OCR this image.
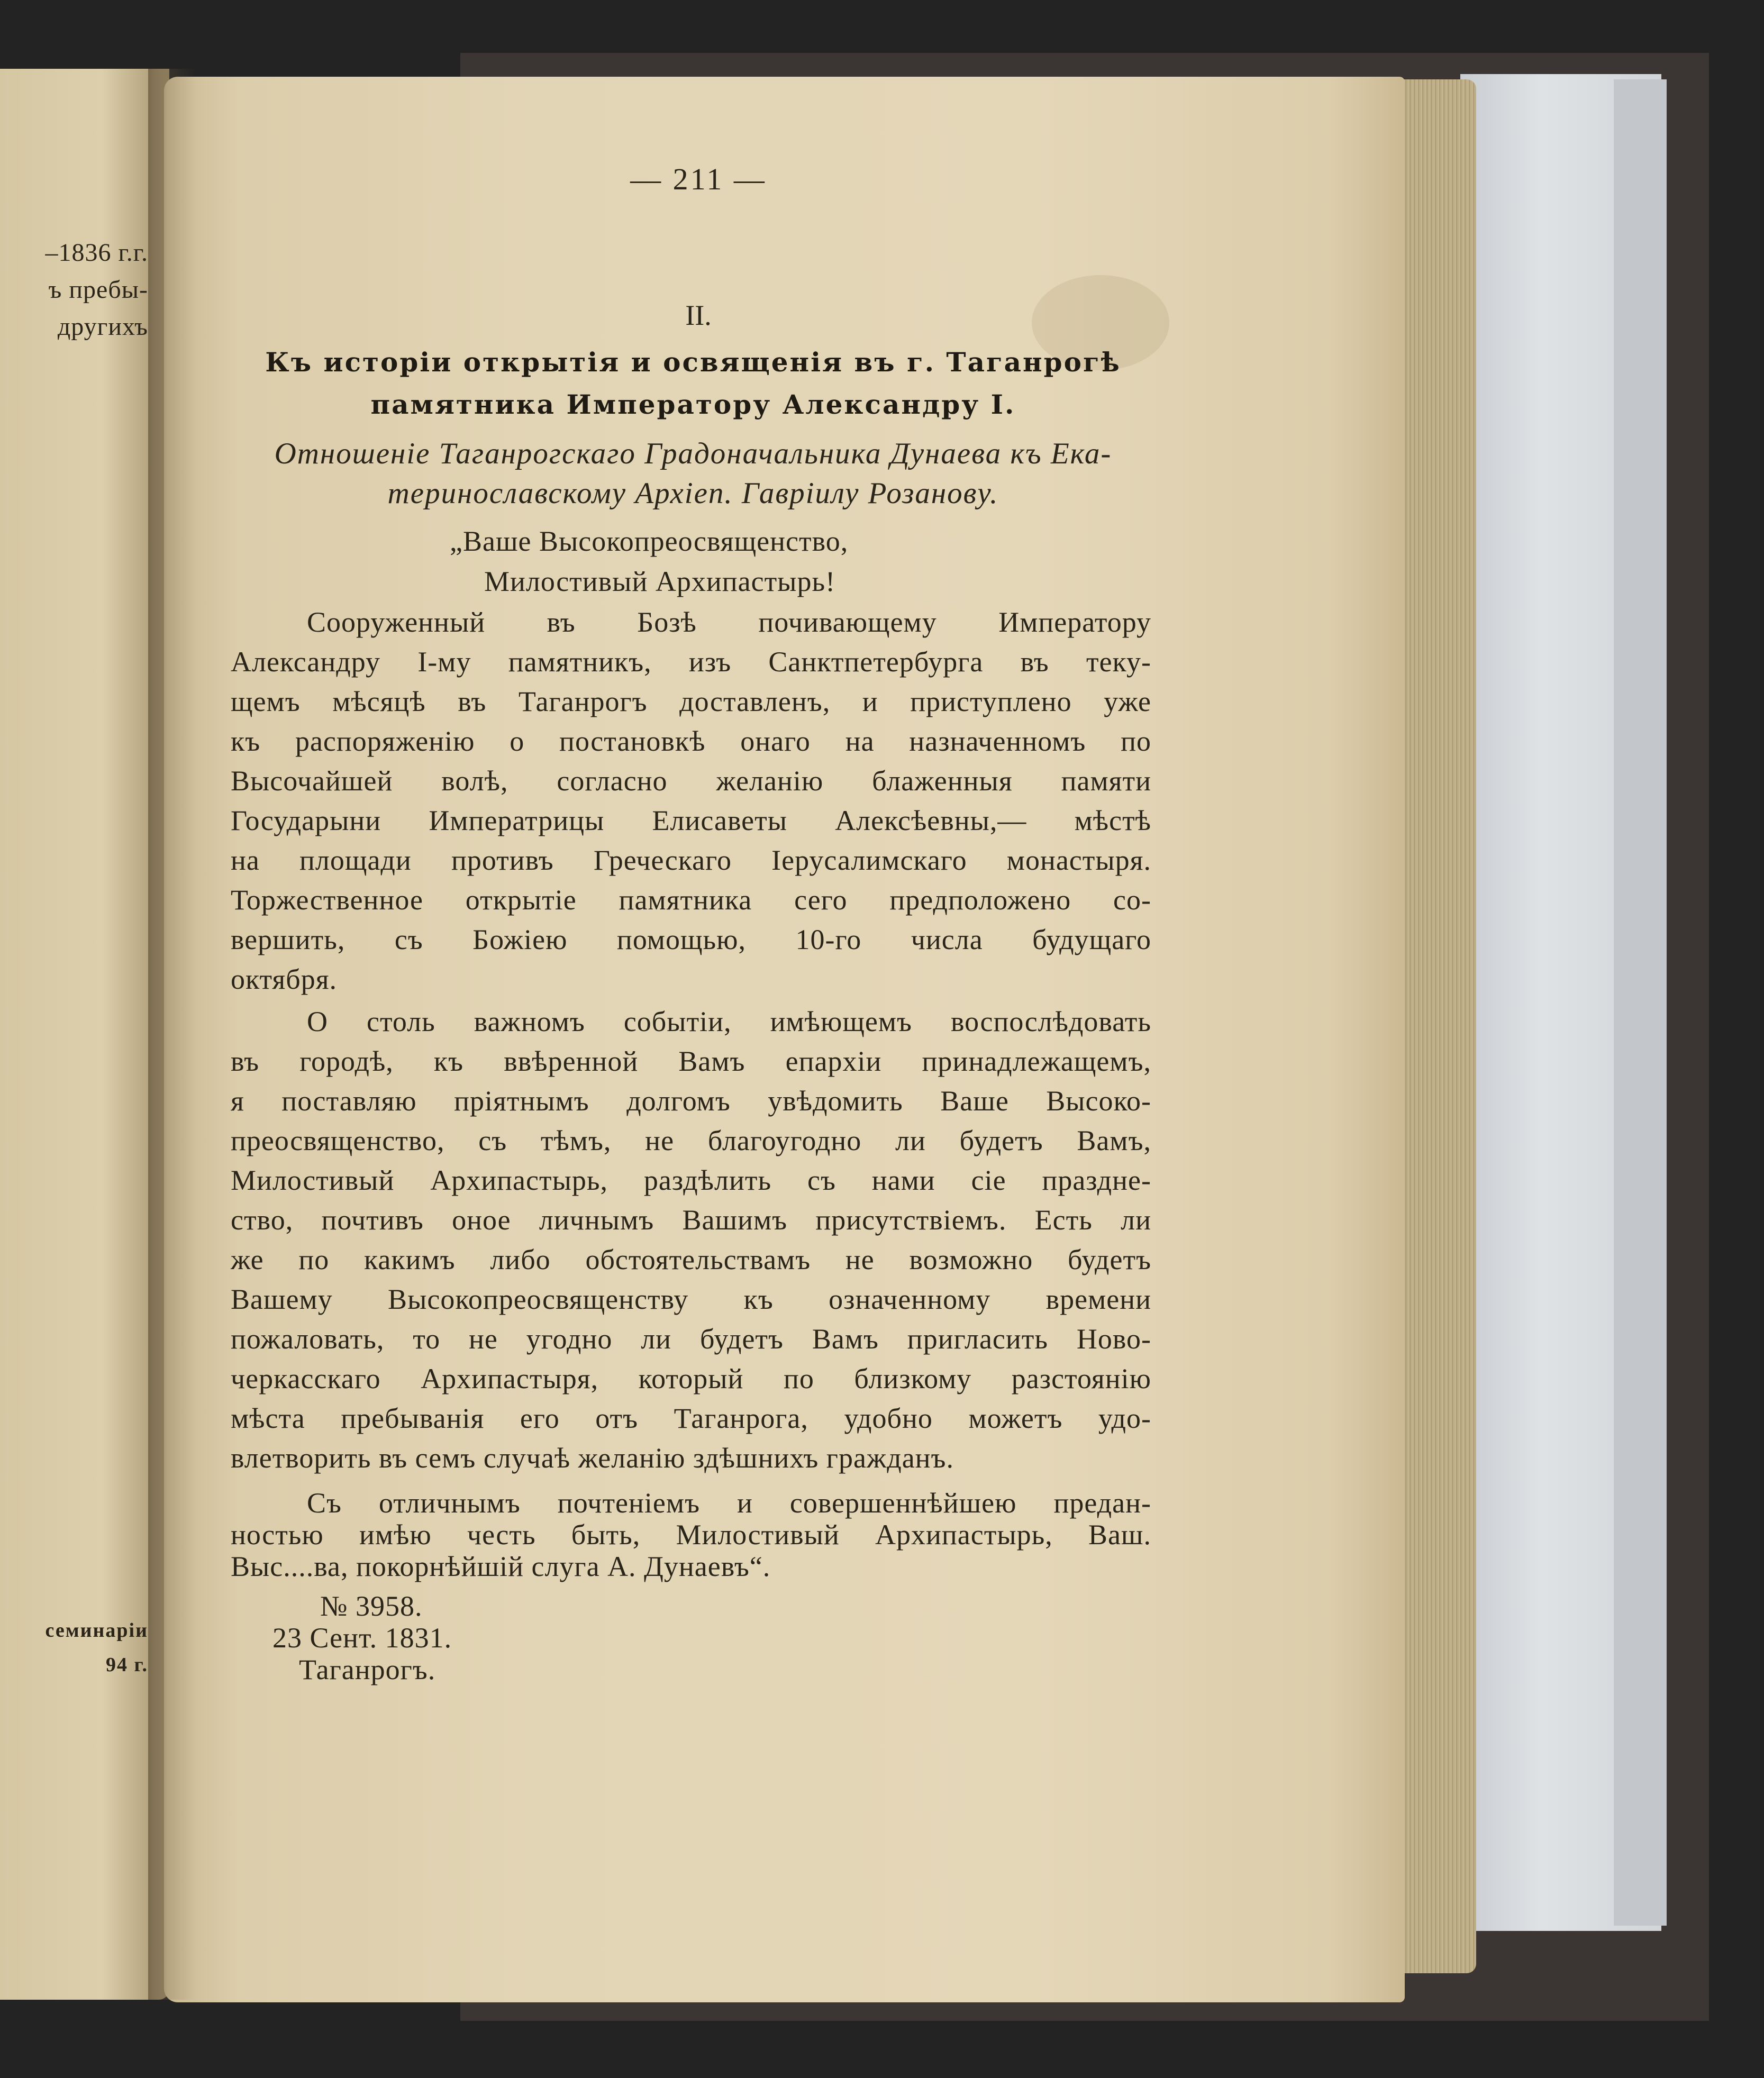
–1836 г.г.
ъ пребы-
другихъ
семинаріи
94 г.
— 211 —
II.
Къ исторіи открытія и освященія въ г. Таганрогѣ
памятника Императору Александру I.
Отношеніе Таганрогскаго Градоначальника Дунаева къ Ека-
теринославскому Архіеп. Гавріилу Розанову.
„Ваше Высокопреосвященство,
Милостивый Архипастырь!
Сооруженный въ Бозѣ почивающему Императору
Александру I-му памятникъ, изъ Санктпетербурга въ теку-
щемъ мѣсяцѣ въ Таганрогъ доставленъ, и приступлено уже
къ распоряженію о постановкѣ онаго на назначенномъ по
Высочайшей волѣ, согласно желанію блаженныя памяти
Государыни Императрицы Елисаветы Алексѣевны,— мѣстѣ
на площади противъ Греческаго Іерусалимскаго монастыря.
Торжественное открытіе памятника сего предположено со-
вершить, съ Божіею помощью, 10-го числа будущаго
октября.
О столь важномъ событіи, имѣющемъ воспослѣдовать
въ городѣ, къ ввѣренной Вамъ епархіи принадлежащемъ,
я поставляю пріятнымъ долгомъ увѣдомить Ваше Высоко-
преосвященство, съ тѣмъ, не благоугодно ли будетъ Вамъ,
Милостивый Архипастырь, раздѣлить съ нами сіе праздне-
ство, почтивъ оное личнымъ Вашимъ присутствіемъ. Есть ли
же по какимъ либо обстоятельствамъ не возможно будетъ
Вашему Высокопреосвященству къ означенному времени
пожаловать, то не угодно ли будетъ Вамъ пригласить Ново-
черкасскаго Архипастыря, который по близкому разстоянію
мѣста пребыванія его отъ Таганрога, удобно можетъ удо-
влетворить въ семъ случаѣ желанію здѣшнихъ гражданъ.
Съ отличнымъ почтеніемъ и совершеннѣйшею предан-
ностью имѣю честь быть, Милостивый Архипастырь, Ваш.
Выс....ва, покорнѣйшій слуга А. Дунаевъ“.
№ 3958.
23 Сент. 1831.
Таганрогъ.
